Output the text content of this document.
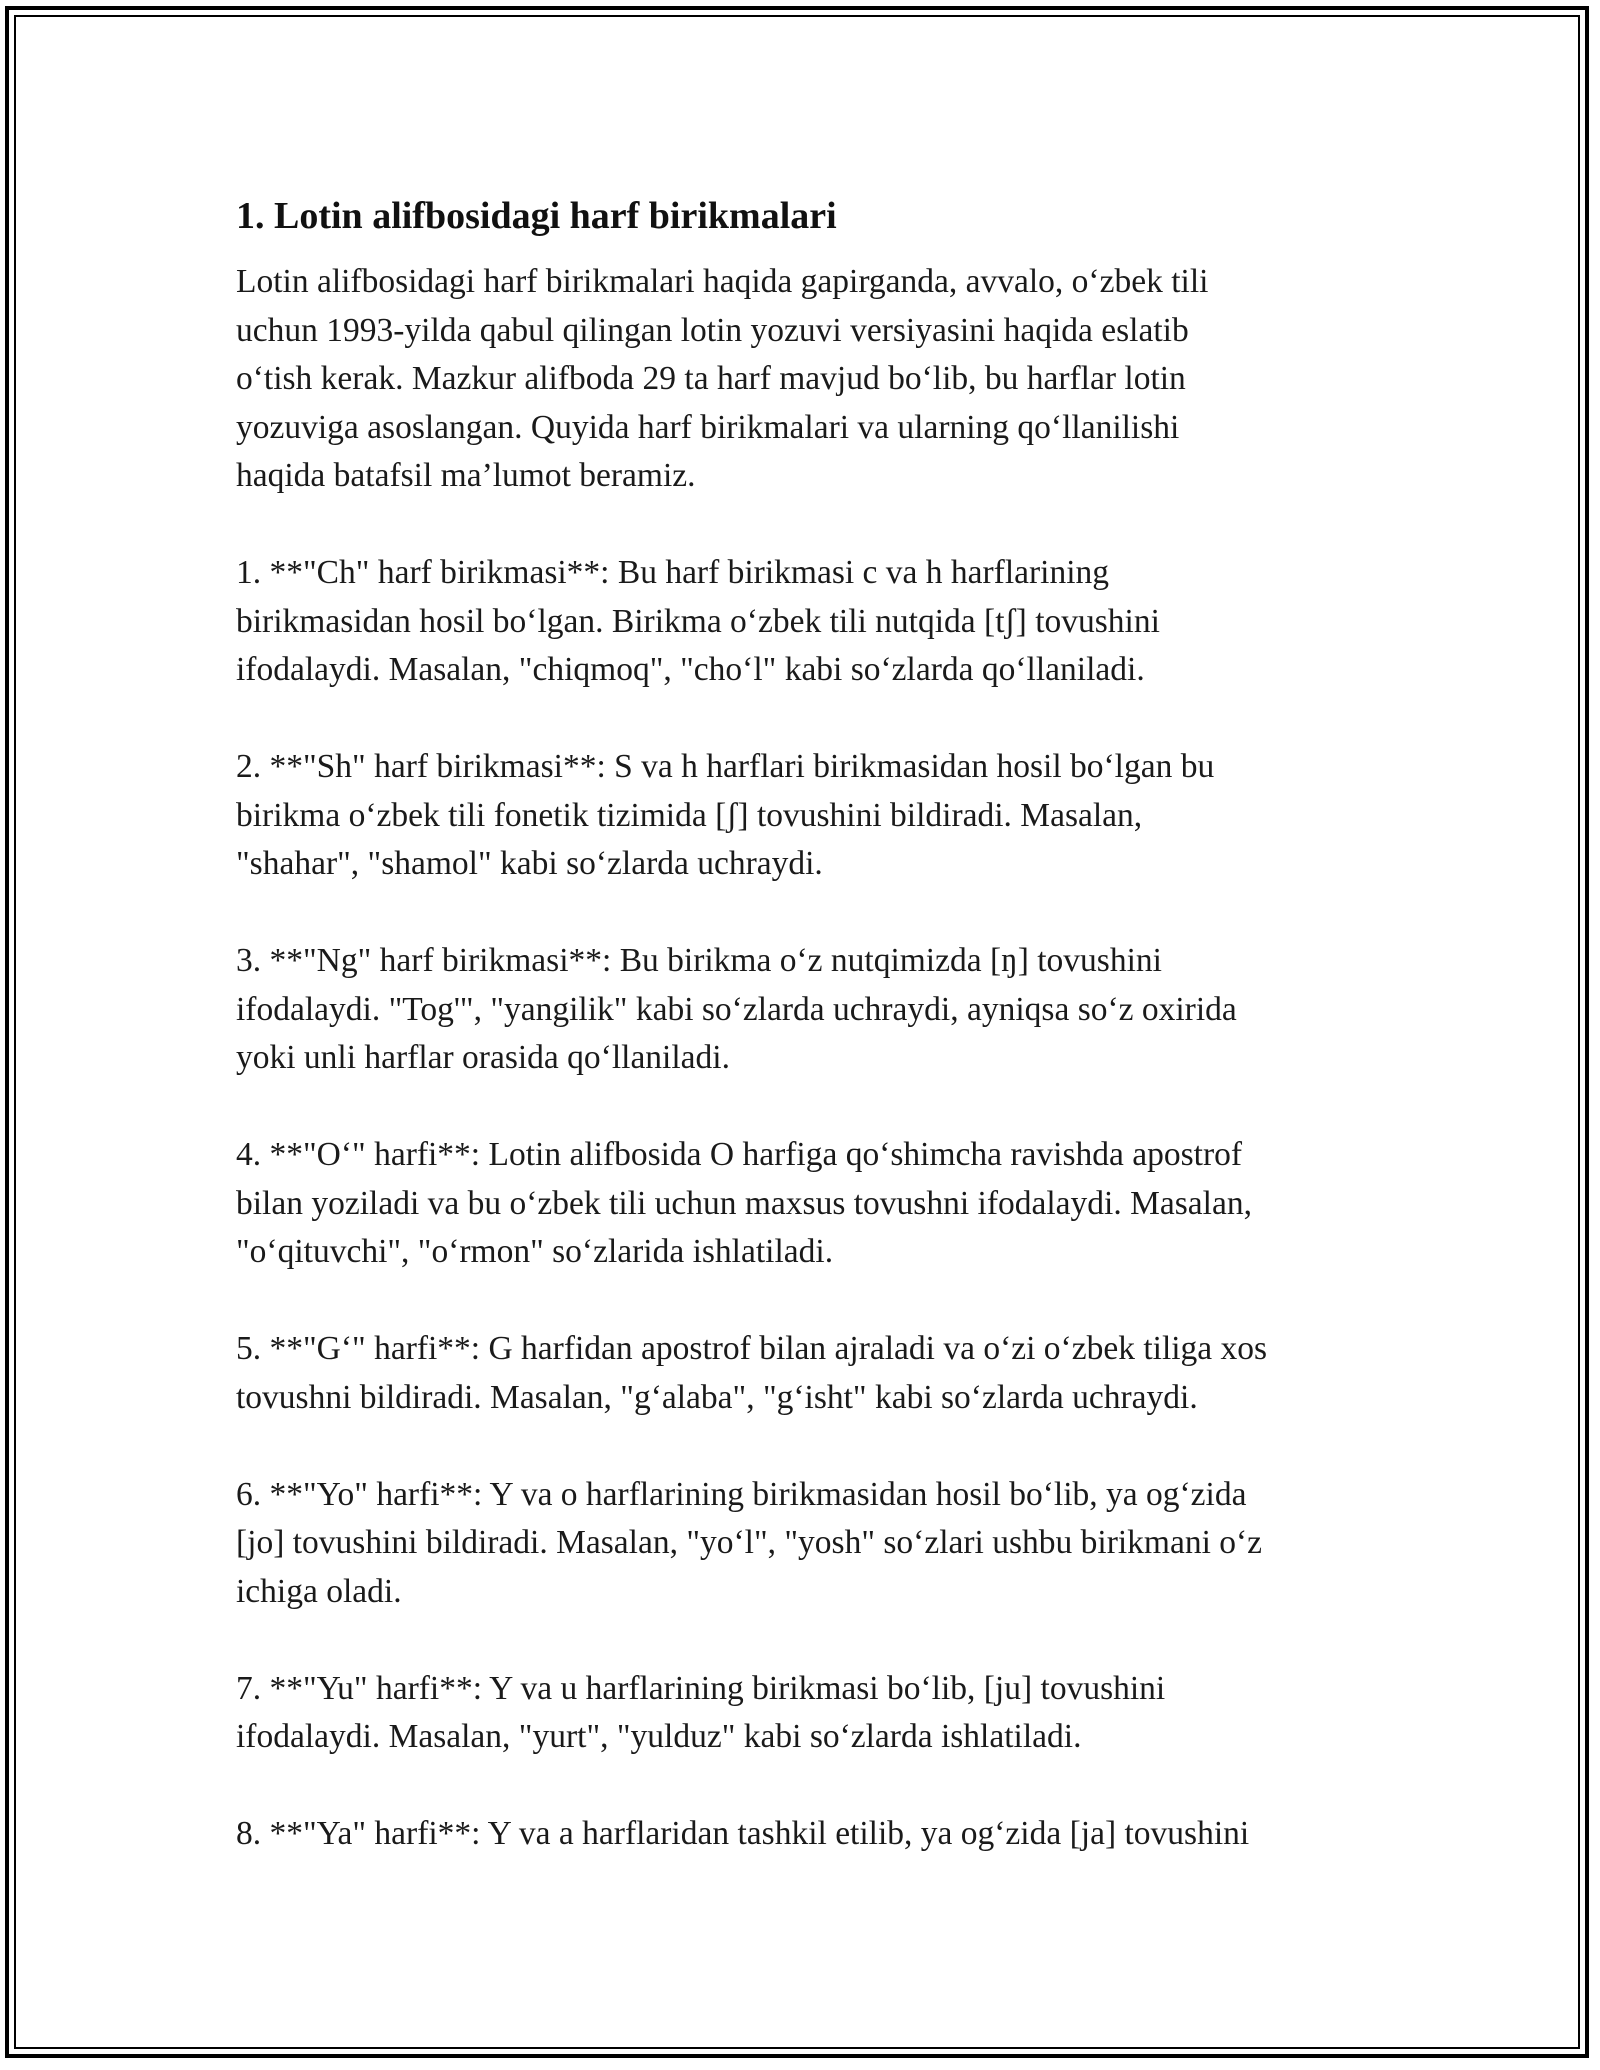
1. Lotin alifbosidagi harf birikmalari
Lotin alifbosidagi harf birikmalari haqida gapirganda, avvalo, o‘zbek tili
uchun 1993-yilda qabul qilingan lotin yozuvi versiyasini haqida eslatib
o‘tish kerak. Mazkur alifboda 29 ta harf mavjud bo‘lib, bu harflar lotin
yozuviga asoslangan. Quyida harf birikmalari va ularning qo‘llanilishi
haqida batafsil ma’lumot beramiz.
1. **"Ch" harf birikmasi**: Bu harf birikmasi c va h harflarining
birikmasidan hosil bo‘lgan. Birikma o‘zbek tili nutqida [tʃ] tovushini
ifodalaydi. Masalan, "chiqmoq", "cho‘l" kabi so‘zlarda qo‘llaniladi.
2. **"Sh" harf birikmasi**: S va h harflari birikmasidan hosil bo‘lgan bu
birikma o‘zbek tili fonetik tizimida [ʃ] tovushini bildiradi. Masalan,
"shahar", "shamol" kabi so‘zlarda uchraydi.
3. **"Ng" harf birikmasi**: Bu birikma o‘z nutqimizda [ŋ] tovushini
ifodalaydi. "Tog'", "yangilik" kabi so‘zlarda uchraydi, ayniqsa so‘z oxirida
yoki unli harflar orasida qo‘llaniladi.
4. **"O‘" harfi**: Lotin alifbosida O harfiga qo‘shimcha ravishda apostrof
bilan yoziladi va bu o‘zbek tili uchun maxsus tovushni ifodalaydi. Masalan,
"o‘qituvchi", "o‘rmon" so‘zlarida ishlatiladi.
5. **"G‘" harfi**: G harfidan apostrof bilan ajraladi va o‘zi o‘zbek tiliga xos
tovushni bildiradi. Masalan, "g‘alaba", "g‘isht" kabi so‘zlarda uchraydi.
6. **"Yo" harfi**: Y va o harflarining birikmasidan hosil bo‘lib, ya og‘zida
[jo] tovushini bildiradi. Masalan, "yo‘l", "yosh" so‘zlari ushbu birikmani o‘z
ichiga oladi.
7. **"Yu" harfi**: Y va u harflarining birikmasi bo‘lib, [ju] tovushini
ifodalaydi. Masalan, "yurt", "yulduz" kabi so‘zlarda ishlatiladi.
8. **"Ya" harfi**: Y va a harflaridan tashkil etilib, ya og‘zida [ja] tovushini
